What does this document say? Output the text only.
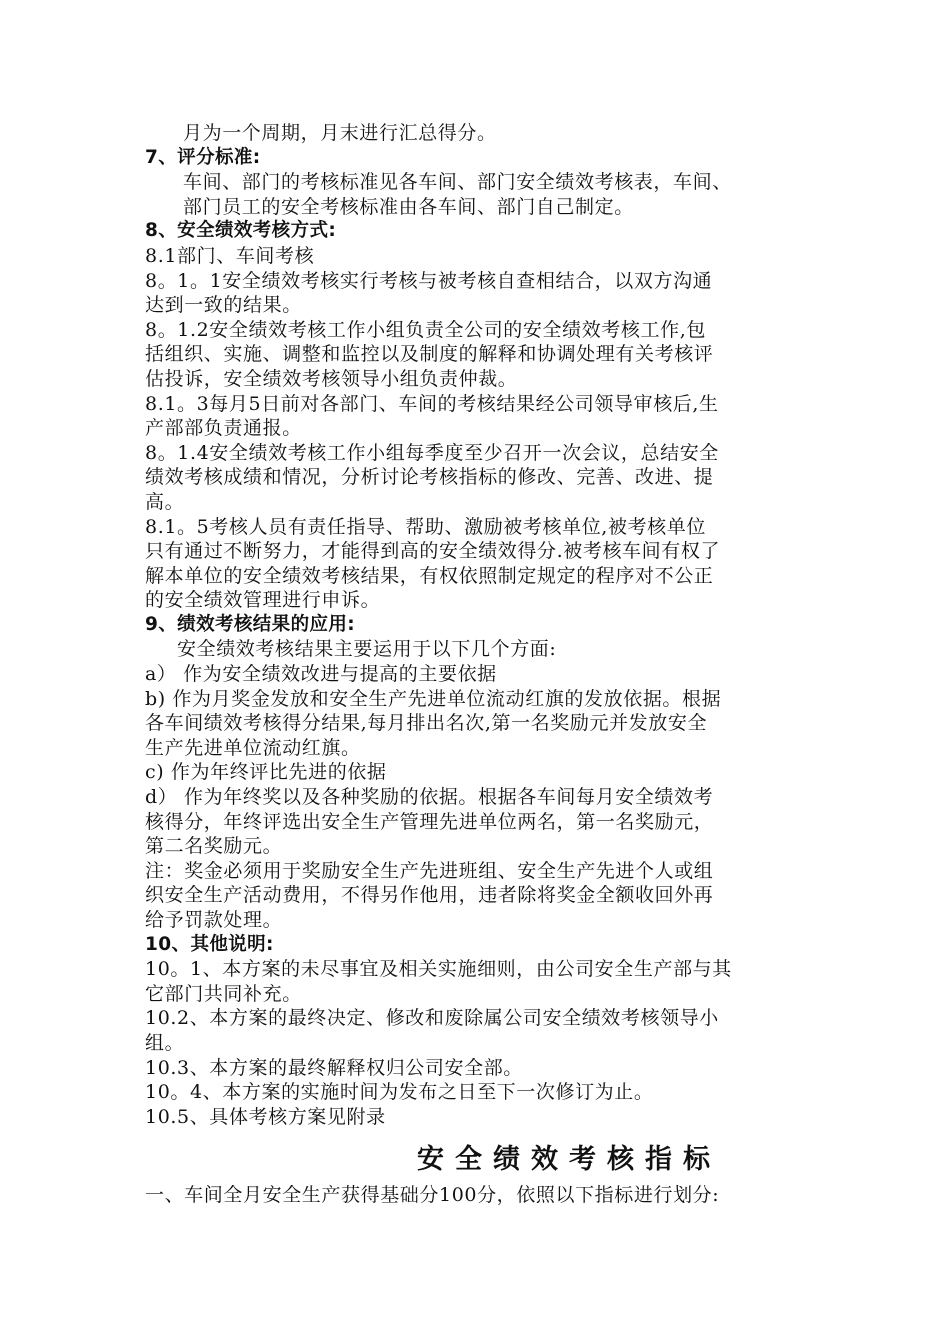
月为一个周期，月末进行汇总得分。
7、评分标准:
车间、部门的考核标准见各车间、部门安全绩效考核表，车间、
部门员工的安全考核标准由各车间、部门自己制定。
8、安全绩效考核方式:
8.1部门、车间考核
8。1。1安全绩效考核实行考核与被考核自查相结合，以双方沟通
达到一致的结果。
8。1.2安全绩效考核工作小组负责全公司的安全绩效考核工作,包
括组织、实施、调整和监控以及制度的解释和协调处理有关考核评
估投诉，安全绩效考核领导小组负责仲裁。
8.1。3每月5日前对各部门、车间的考核结果经公司领导审核后,生
产部部负责通报。
8。1.4安全绩效考核工作小组每季度至少召开一次会议，总结安全
绩效考核成绩和情况，分析讨论考核指标的修改、完善、改进、提
高。
8.1。5考核人员有责任指导、帮助、激励被考核单位,被考核单位
只有通过不断努力，才能得到高的安全绩效得分.被考核车间有权了
解本单位的安全绩效考核结果，有权依照制定规定的程序对不公正
的安全绩效管理进行申诉。
9、绩效考核结果的应用:
安全绩效考核结果主要运用于以下几个方面:
a） 作为安全绩效改进与提高的主要依据
b) 作为月奖金发放和安全生产先进单位流动红旗的发放依据。根据
各车间绩效考核得分结果,每月排出名次,第一名奖励元并发放安全
生产先进单位流动红旗。
c) 作为年终评比先进的依据
d） 作为年终奖以及各种奖励的依据。根据各车间每月安全绩效考
核得分，年终评选出安全生产管理先进单位两名，第一名奖励元，
第二名奖励元。
注：奖金必须用于奖励安全生产先进班组、安全生产先进个人或组
织安全生产活动费用，不得另作他用，违者除将奖金全额收回外再
给予罚款处理。
10、其他说明:
10。1、本方案的未尽事宜及相关实施细则，由公司安全生产部与其
它部门共同补充。
10.2、本方案的最终决定、修改和废除属公司安全绩效考核领导小
组。
10.3、本方案的最终解释权归公司安全部。
10。4、本方案的实施时间为发布之日至下一次修订为止。
10.5、具体考核方案见附录
安全绩效考核指标
一、车间全月安全生产获得基础分100分，依照以下指标进行划分:
